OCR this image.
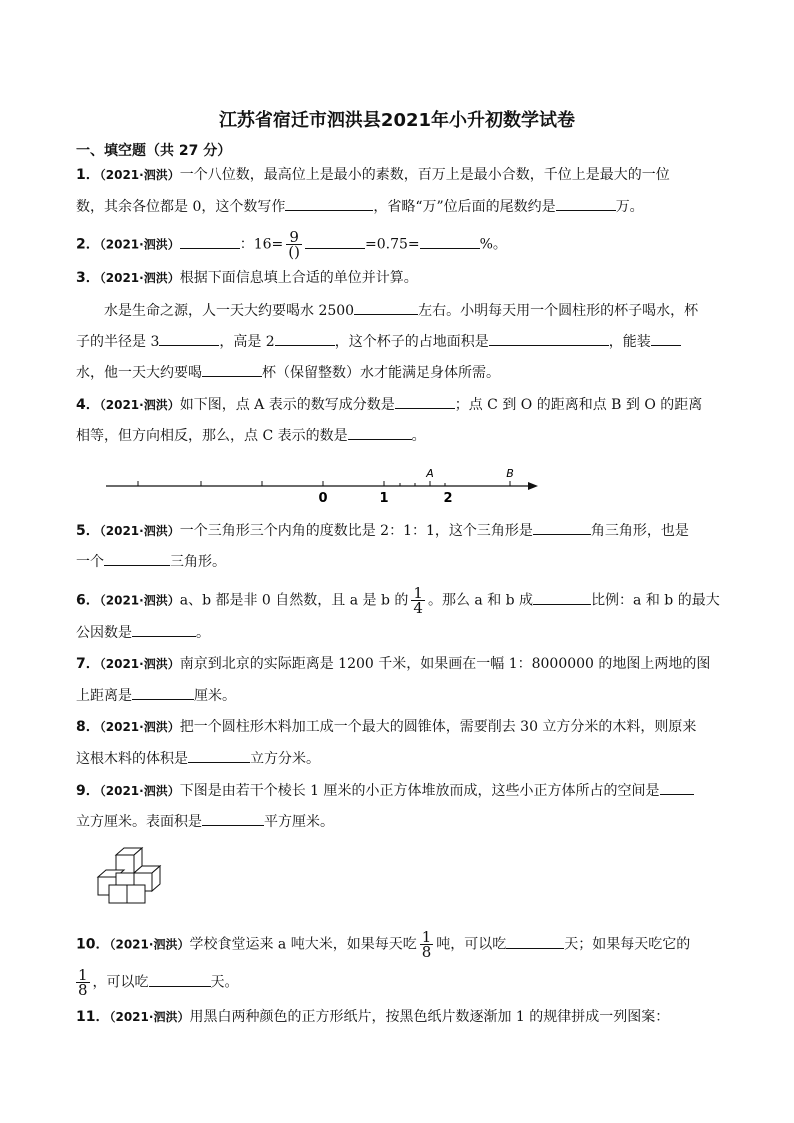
江苏省宿迁市泗洪县2021年小升初数学试卷
一、填空题（共 27 分）
1．（2021·泗洪）一个八位数，最高位上是最小的素数，百万上是最小合数，千位上是最大的一位
数，其余各位都是 0，这个数写作	，省略“万”位后面的尾数约是	万。
2．（2021·泗洪）	：$16= \frac{9}{()}$	=0.75=	%。
3．（2021·泗洪）根据下面信息填上合适的单位并计算。
水是生命之源，人一天大约要喝水 2500	左右。小明每天用一个圆柱形的杯子喝水，杯
子的半径是 3	，高是 2	，这个杯子的占地面积是	，能装
水，他一天大约要喝	杯（保留整数）水才能满足身体所需。
4．（2021·泗洪）如下图，点 A 表示的数写成分数是	；点 C 到 O 的距离和点 B 到 O 的距离
相等，但方向相反，那么，点 C 表示的数是	。
0	1	2
A	B
5．（2021·泗洪）一个三角形三个内角的度数比是 2：1：1，这个三角形是	角三角形，也是
一个	三角形。
6．（2021·泗洪）a、b 都是非 0 自然数，且 a 是 b 的 $\frac{1}{4}$ 。那么 a 和 b 成	比例：a 和 b 的最大
公因数是	。
7．（2021·泗洪）南京到北京的实际距离是 1200 千米，如果画在一幅 1：8000000 的地图上两地的图
上距离是	厘米。
8．（2021·泗洪）把一个圆柱形木料加工成一个最大的圆锥体，需要削去 30 立方分米的木料，则原来
这根木料的体积是	立方分米。
9．（2021·泗洪）下图是由若干个棱长 1 厘米的小正方体堆放而成，这些小正方体所占的空间是
立方厘米。表面积是	平方厘米。
10．（2021·泗洪）学校食堂运来 a 吨大米，如果每天吃 $\frac{1}{8}$ 吨，可以吃	天；如果每天吃它的
$\frac{1}{8}$ ，可以吃	天。
11．（2021·泗洪）用黑白两种颜色的正方形纸片，按黑色纸片数逐渐加 1 的规律拼成一列图案：
